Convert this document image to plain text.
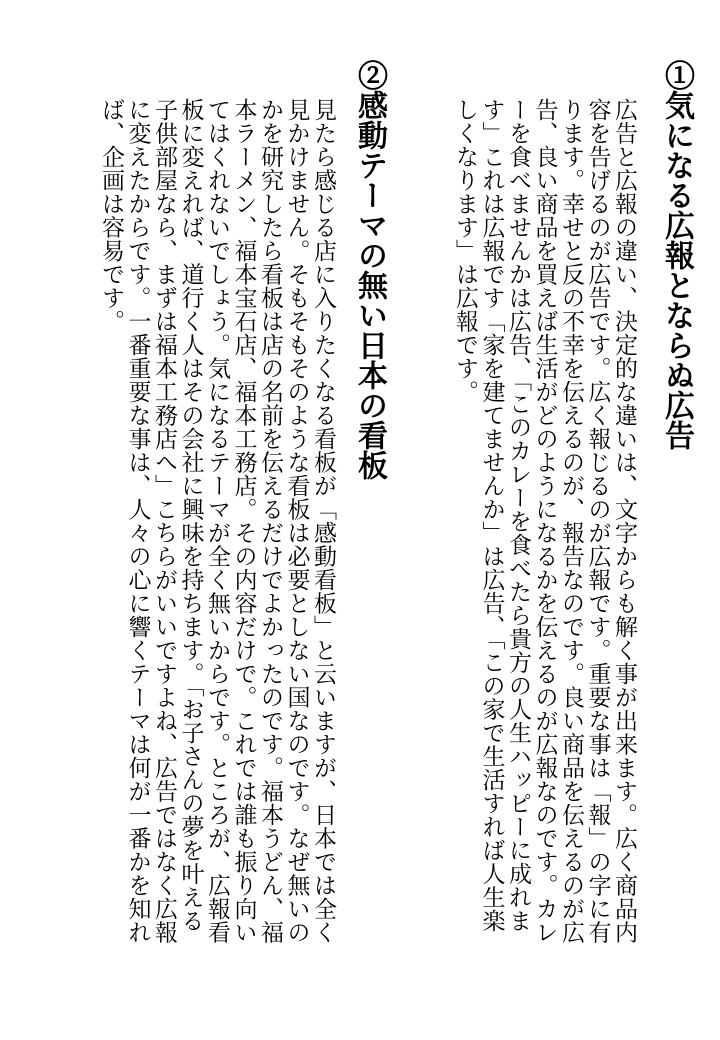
①気になる広報とならぬ広告

広告と広報の違い、決定的な違いは、文字からも解く事が出来ます。広く商品内
容を告げるのが広告です。広く報じるのが広報です。重要な事は「報」の字に有
ります。幸せと反の不幸を伝えるのが、報告なのです。良い商品を伝えるのが広
告、良い商品を買えば生活がどのようになるかを伝えるのが広報なのです。カレ
ーを食べませんかは広告、「このカレーを食べたら貴方の人生ハッピーに成れま
す」これは広報です「家を建てませんか」は広告、「この家で生活すれば人生楽
しくなります」は広報です。

②感動テーマの無い日本の看板

見たら感じる店に入りたくなる看板が「感動看板」と云いますが、日本では全く
見かけません。そもそもそのような看板は必要としない国なのです。なぜ無いの
かを研究したら看板は店の名前を伝えるだけでよかったのです。福本うどん、福
本ラーメン、福本宝石店、福本工務店。その内容だけで。これでは誰も振り向い
てはくれないでしょう。気になるテーマが全く無いからです。ところが、広報看
板に変えれば、道行く人はその会社に興味を持ちます。「お子さんの夢を叶える
子供部屋なら、まずは福本工務店へ」こちらがいいですよね、広告ではなく広報
に変えたからです。一番重要な事は、人々の心に響くテーマは何が一番かを知れ
ば、企画は容易です。
